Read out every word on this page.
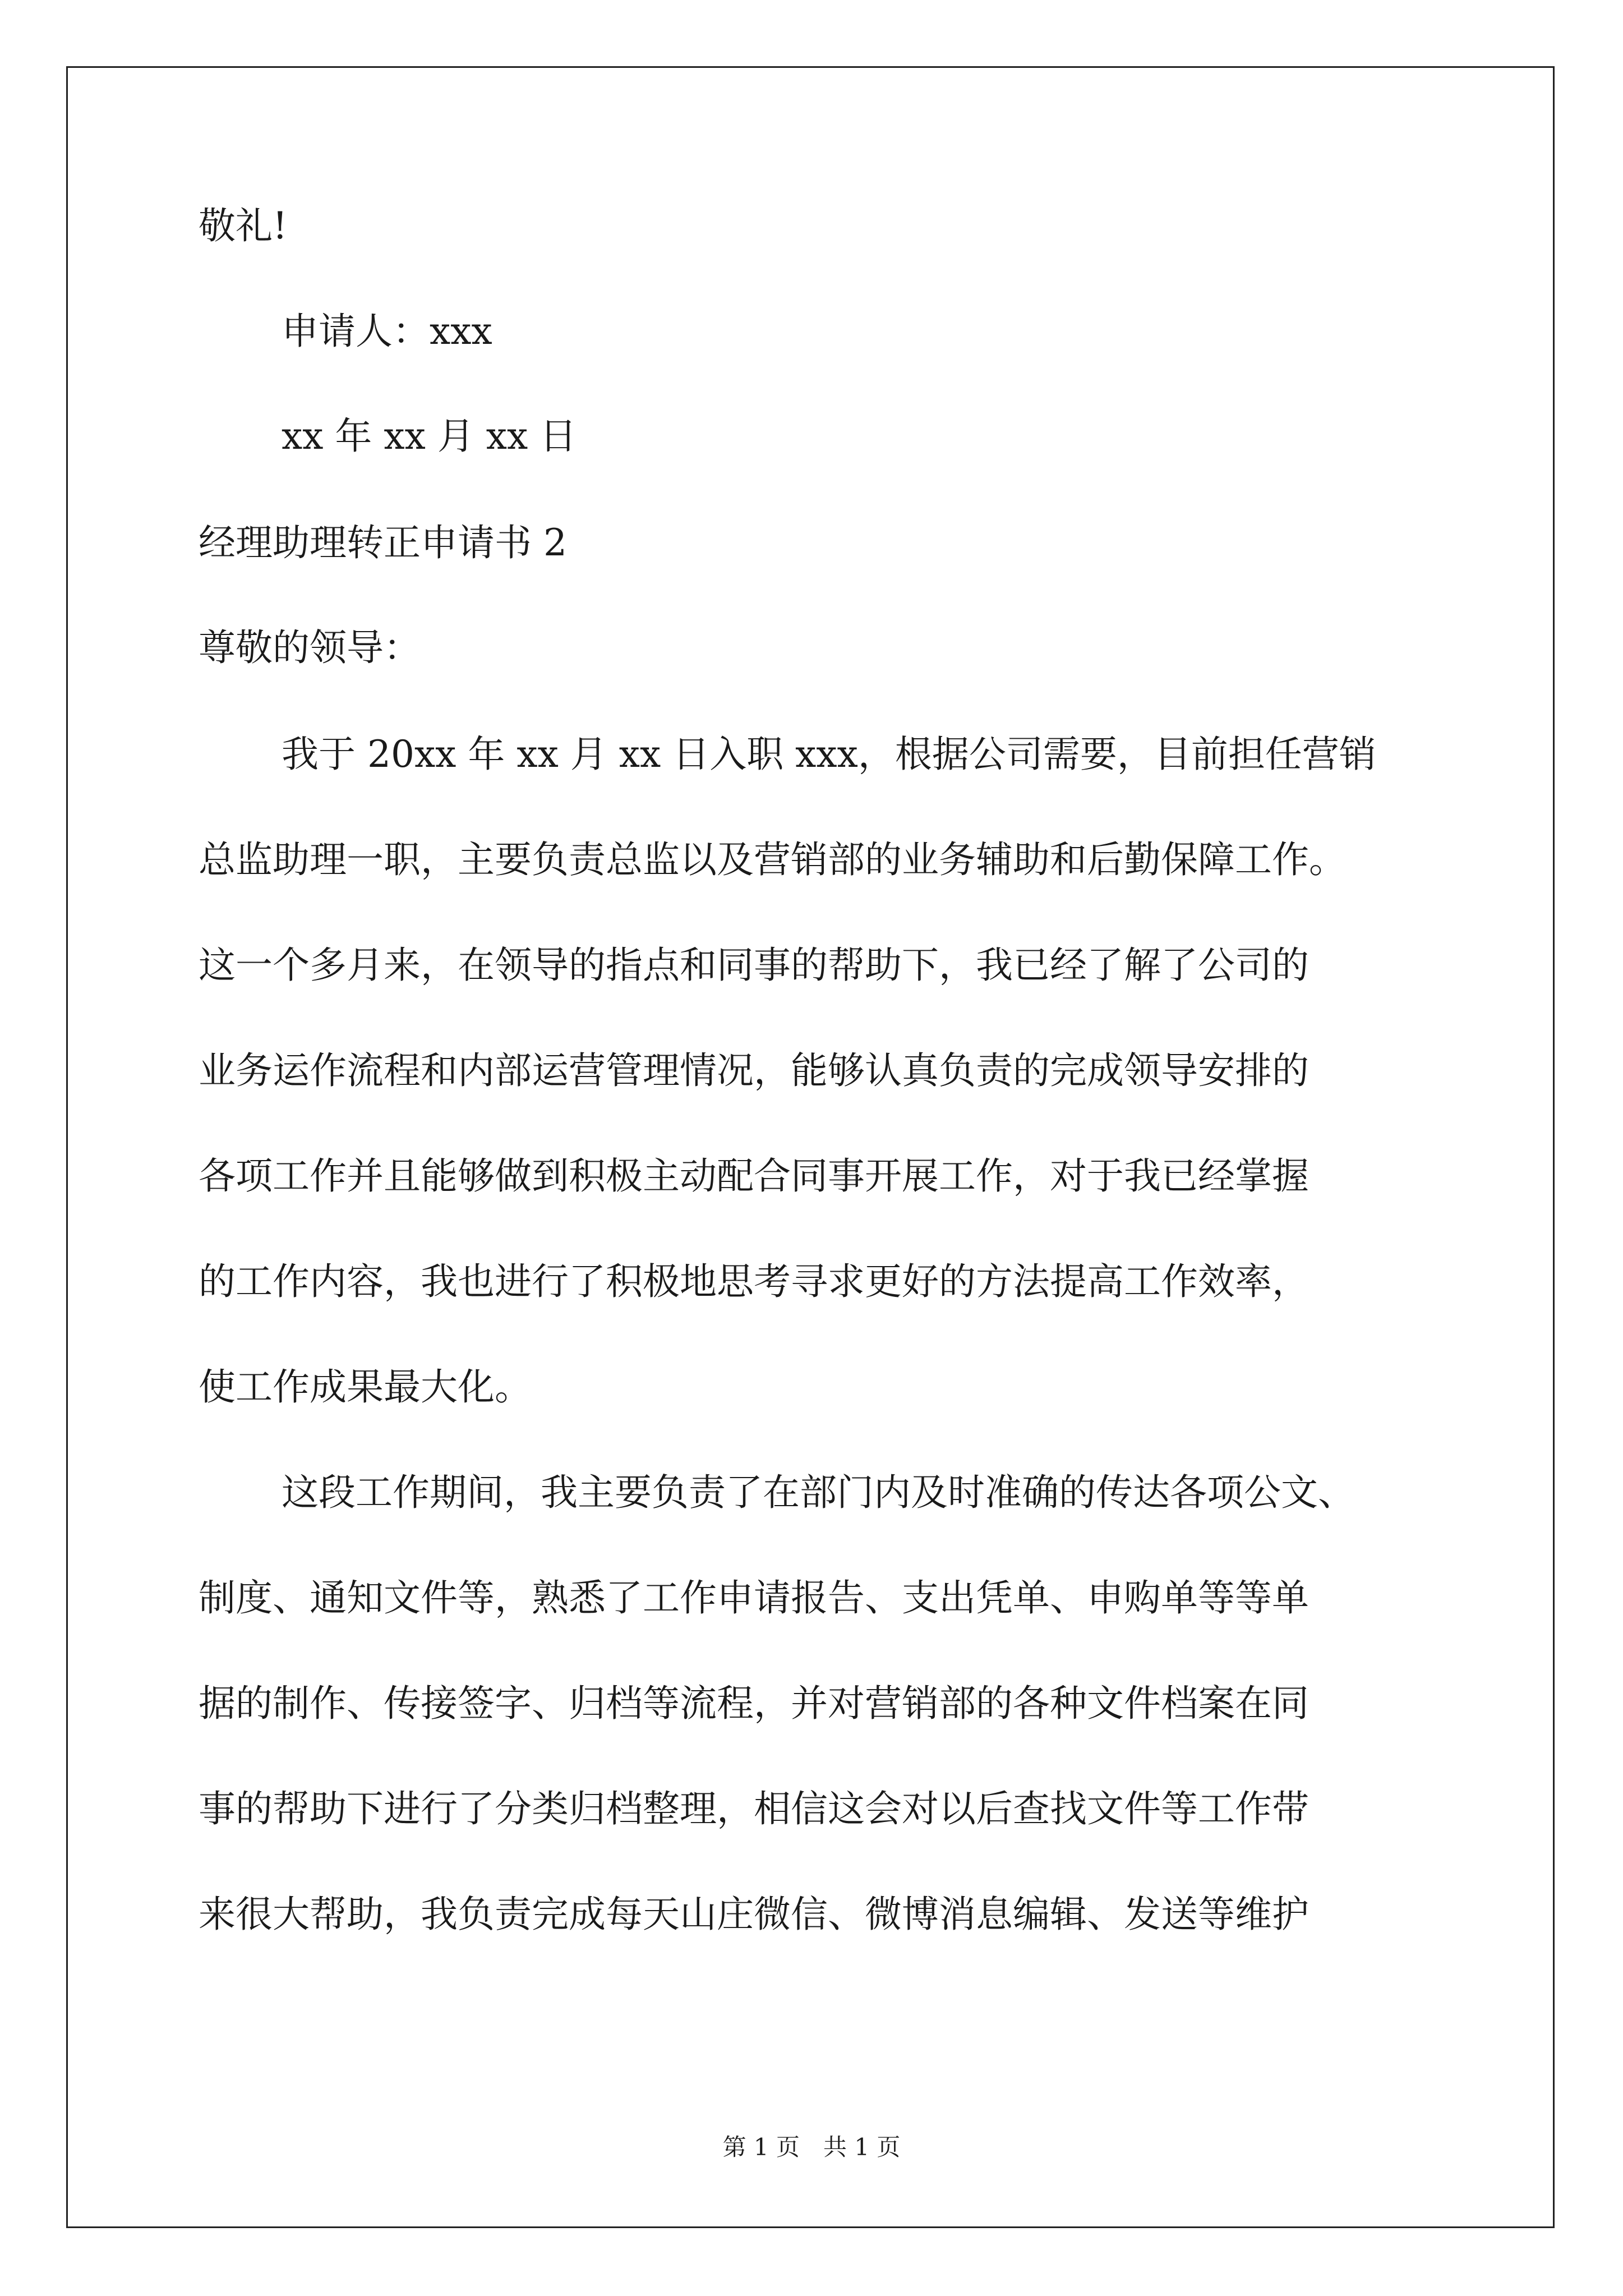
敬礼!
申请人：xxx
xx 年 xx 月 xx 日
经理助理转正申请书 2
尊敬的领导：
我于 20xx 年 xx 月 xx 日入职 xxx，根据公司需要，目前担任营销
总监助理一职，主要负责总监以及营销部的业务辅助和后勤保障工作。
这一个多月来，在领导的指点和同事的帮助下，我已经了解了公司的
业务运作流程和内部运营管理情况，能够认真负责的完成领导安排的
各项工作并且能够做到积极主动配合同事开展工作，对于我已经掌握
的工作内容，我也进行了积极地思考寻求更好的方法提高工作效率，
使工作成果最大化。
这段工作期间，我主要负责了在部门内及时准确的传达各项公文、
制度、通知文件等，熟悉了工作申请报告、支出凭单、申购单等等单
据的制作、传接签字、归档等流程，并对营销部的各种文件档案在同
事的帮助下进行了分类归档整理，相信这会对以后查找文件等工作带
来很大帮助，我负责完成每天山庄微信、微博消息编辑、发送等维护
第 1 页　共 1 页
